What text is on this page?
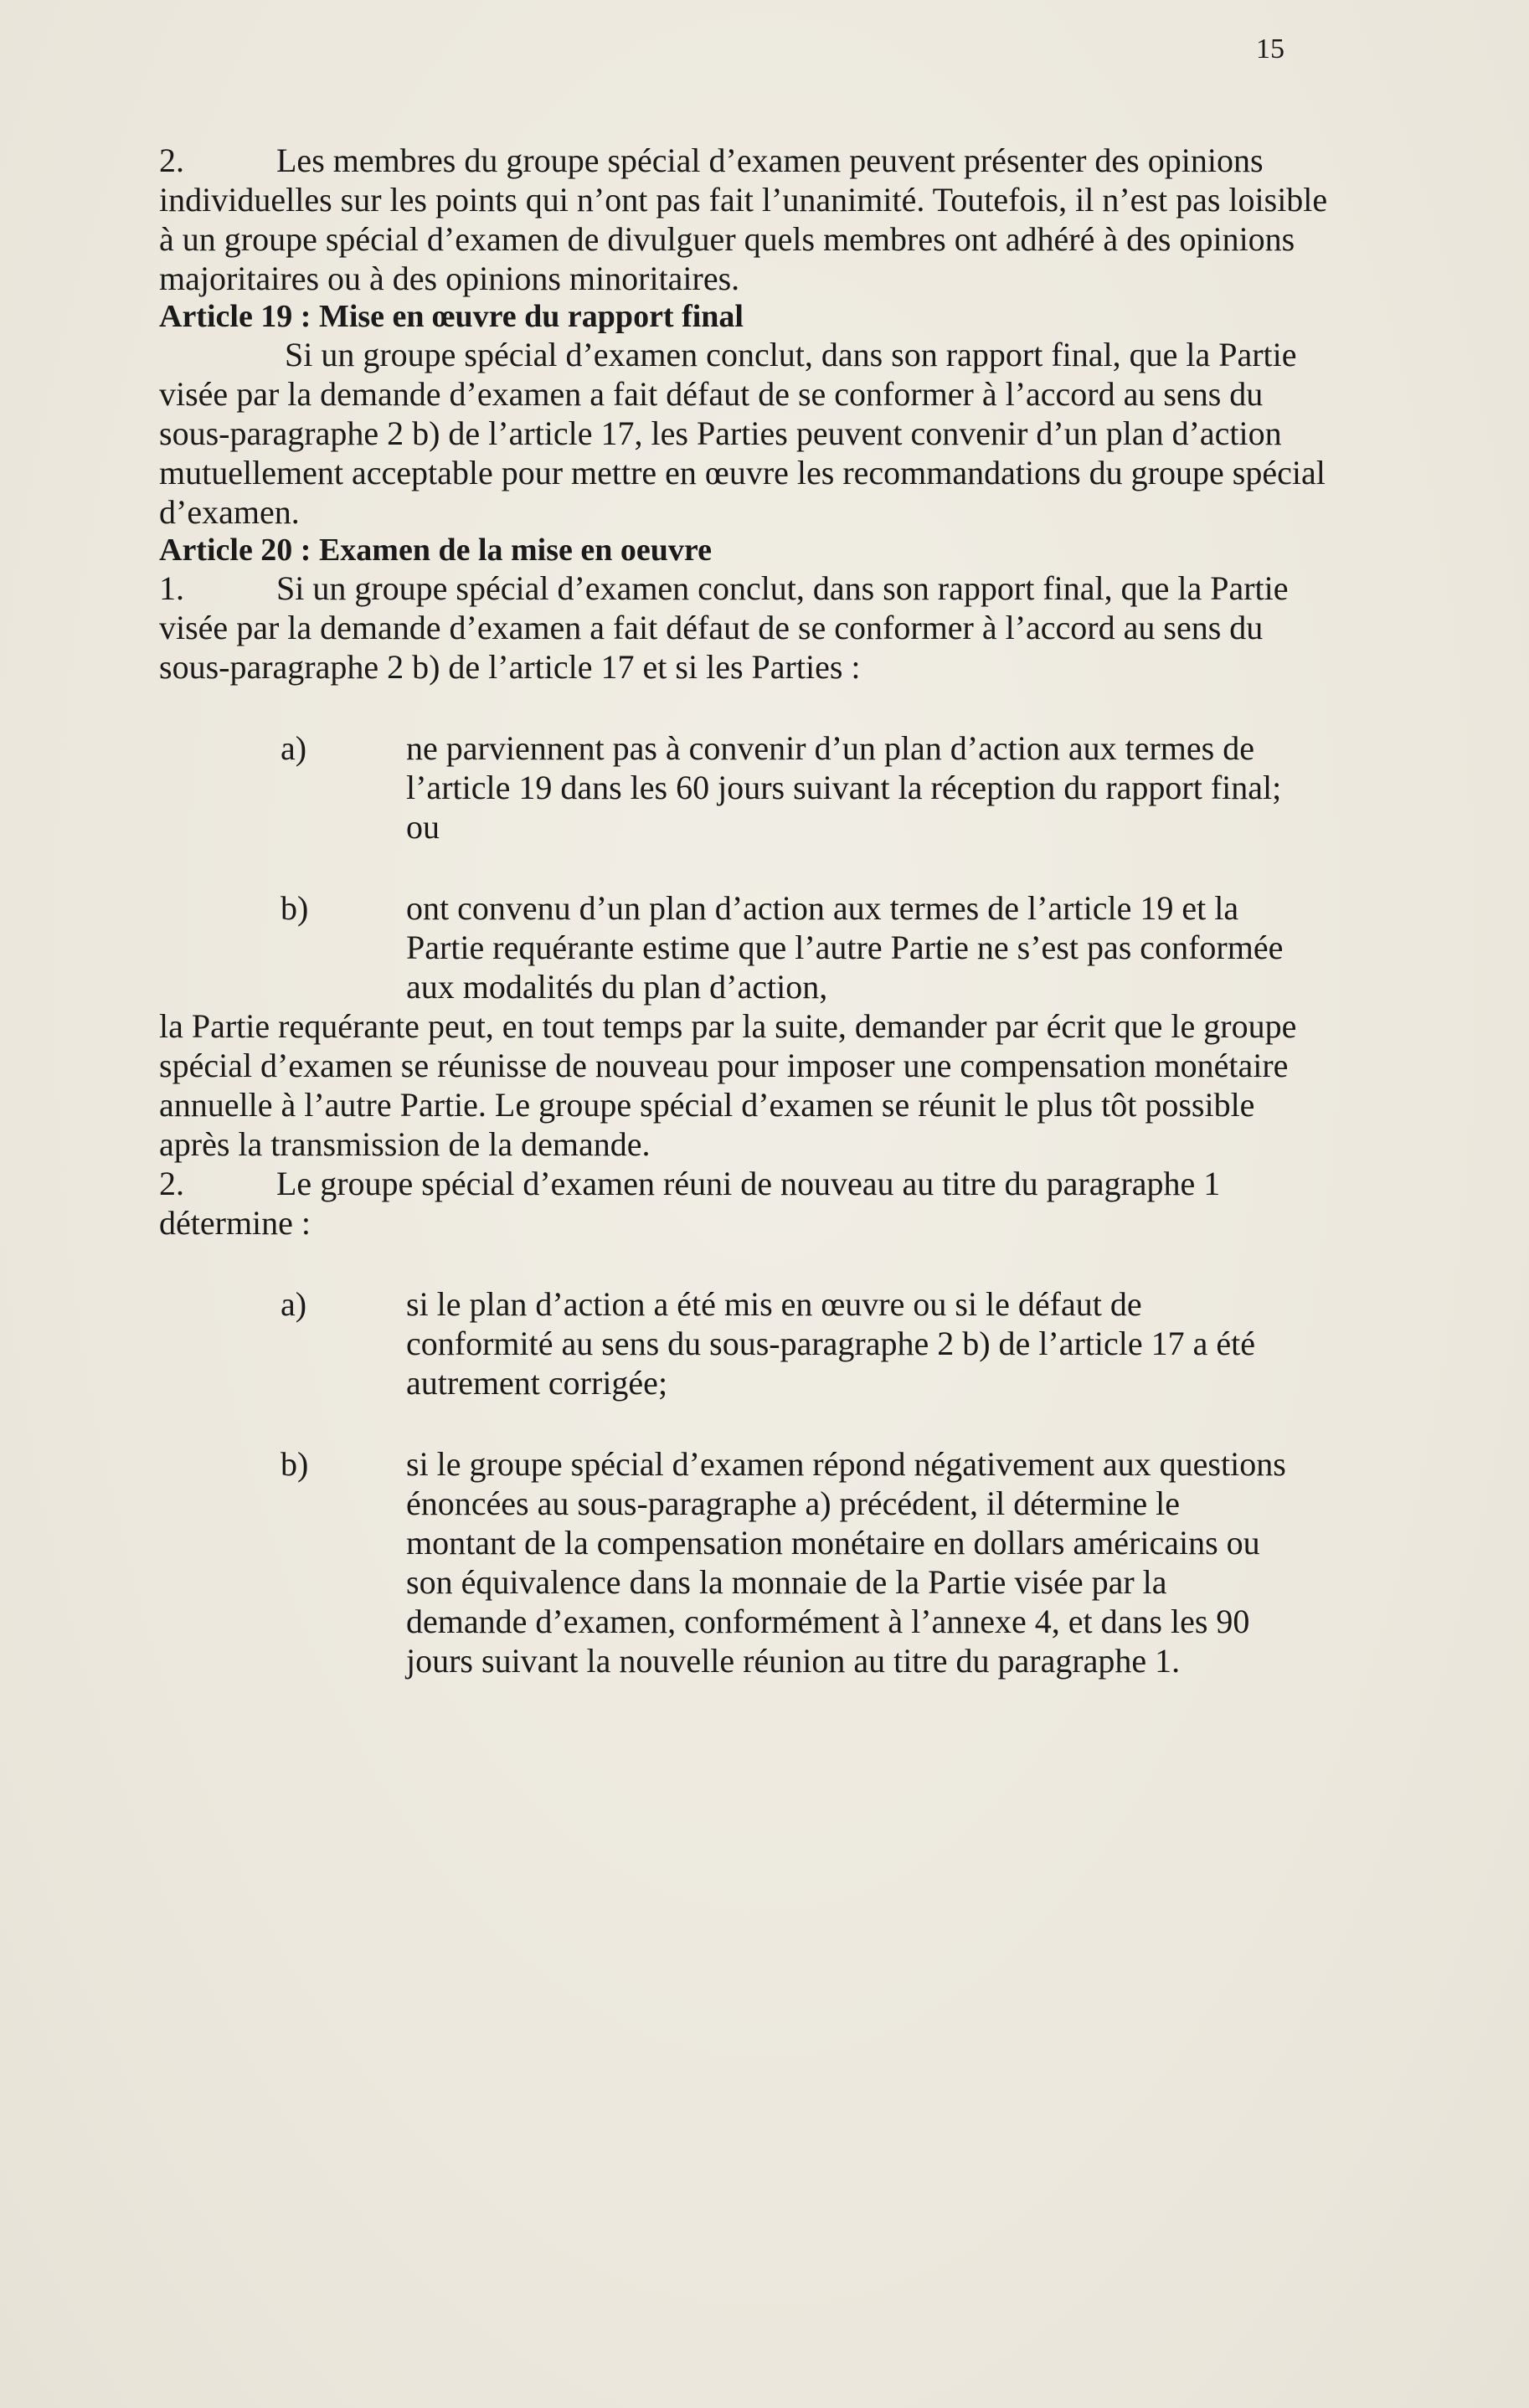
15

2.	Les membres du groupe spécial d’examen peuvent présenter des opinions individuelles sur les points qui n’ont pas fait l’unanimité. Toutefois, il n’est pas loisible à un groupe spécial d’examen de divulguer quels membres ont adhéré à des opinions majoritaires ou à des opinions minoritaires.

Article 19 : Mise en œuvre du rapport final

Si un groupe spécial d’examen conclut, dans son rapport final, que la Partie visée par la demande d’examen a fait défaut de se conformer à l’accord au sens du sous-paragraphe 2 b) de l’article 17, les Parties peuvent convenir d’un plan d’action mutuellement acceptable pour mettre en œuvre les recommandations du groupe spécial d’examen.

Article 20 : Examen de la mise en oeuvre

1.	Si un groupe spécial d’examen conclut, dans son rapport final, que la Partie visée par la demande d’examen a fait défaut de se conformer à l’accord au sens du sous-paragraphe 2 b) de l’article 17 et si les Parties :

a)	ne parviennent pas à convenir d’un plan d’action aux termes de l’article 19 dans les 60 jours suivant la réception du rapport final; ou
b)	ont convenu d’un plan d’action aux termes de l’article 19 et la Partie requérante estime que l’autre Partie ne s’est pas conformée aux modalités du plan d’action,

la Partie requérante peut, en tout temps par la suite, demander par écrit que le groupe spécial d’examen se réunisse de nouveau pour imposer une compensation monétaire annuelle à l’autre Partie. Le groupe spécial d’examen se réunit le plus tôt possible après la transmission de la demande.

2.	Le groupe spécial d’examen réuni de nouveau au titre du paragraphe 1 détermine :

a)	si le plan d’action a été mis en œuvre ou si le défaut de conformité au sens du sous-paragraphe 2 b) de l’article 17 a été autrement corrigée;
b)	si le groupe spécial d’examen répond négativement aux questions énoncées au sous-paragraphe a) précédent, il détermine le montant de la compensation monétaire en dollars américains ou son équivalence dans la monnaie de la Partie visée par la demande d’examen, conformément à l’annexe 4, et dans les 90 jours suivant la nouvelle réunion au titre du paragraphe 1.
